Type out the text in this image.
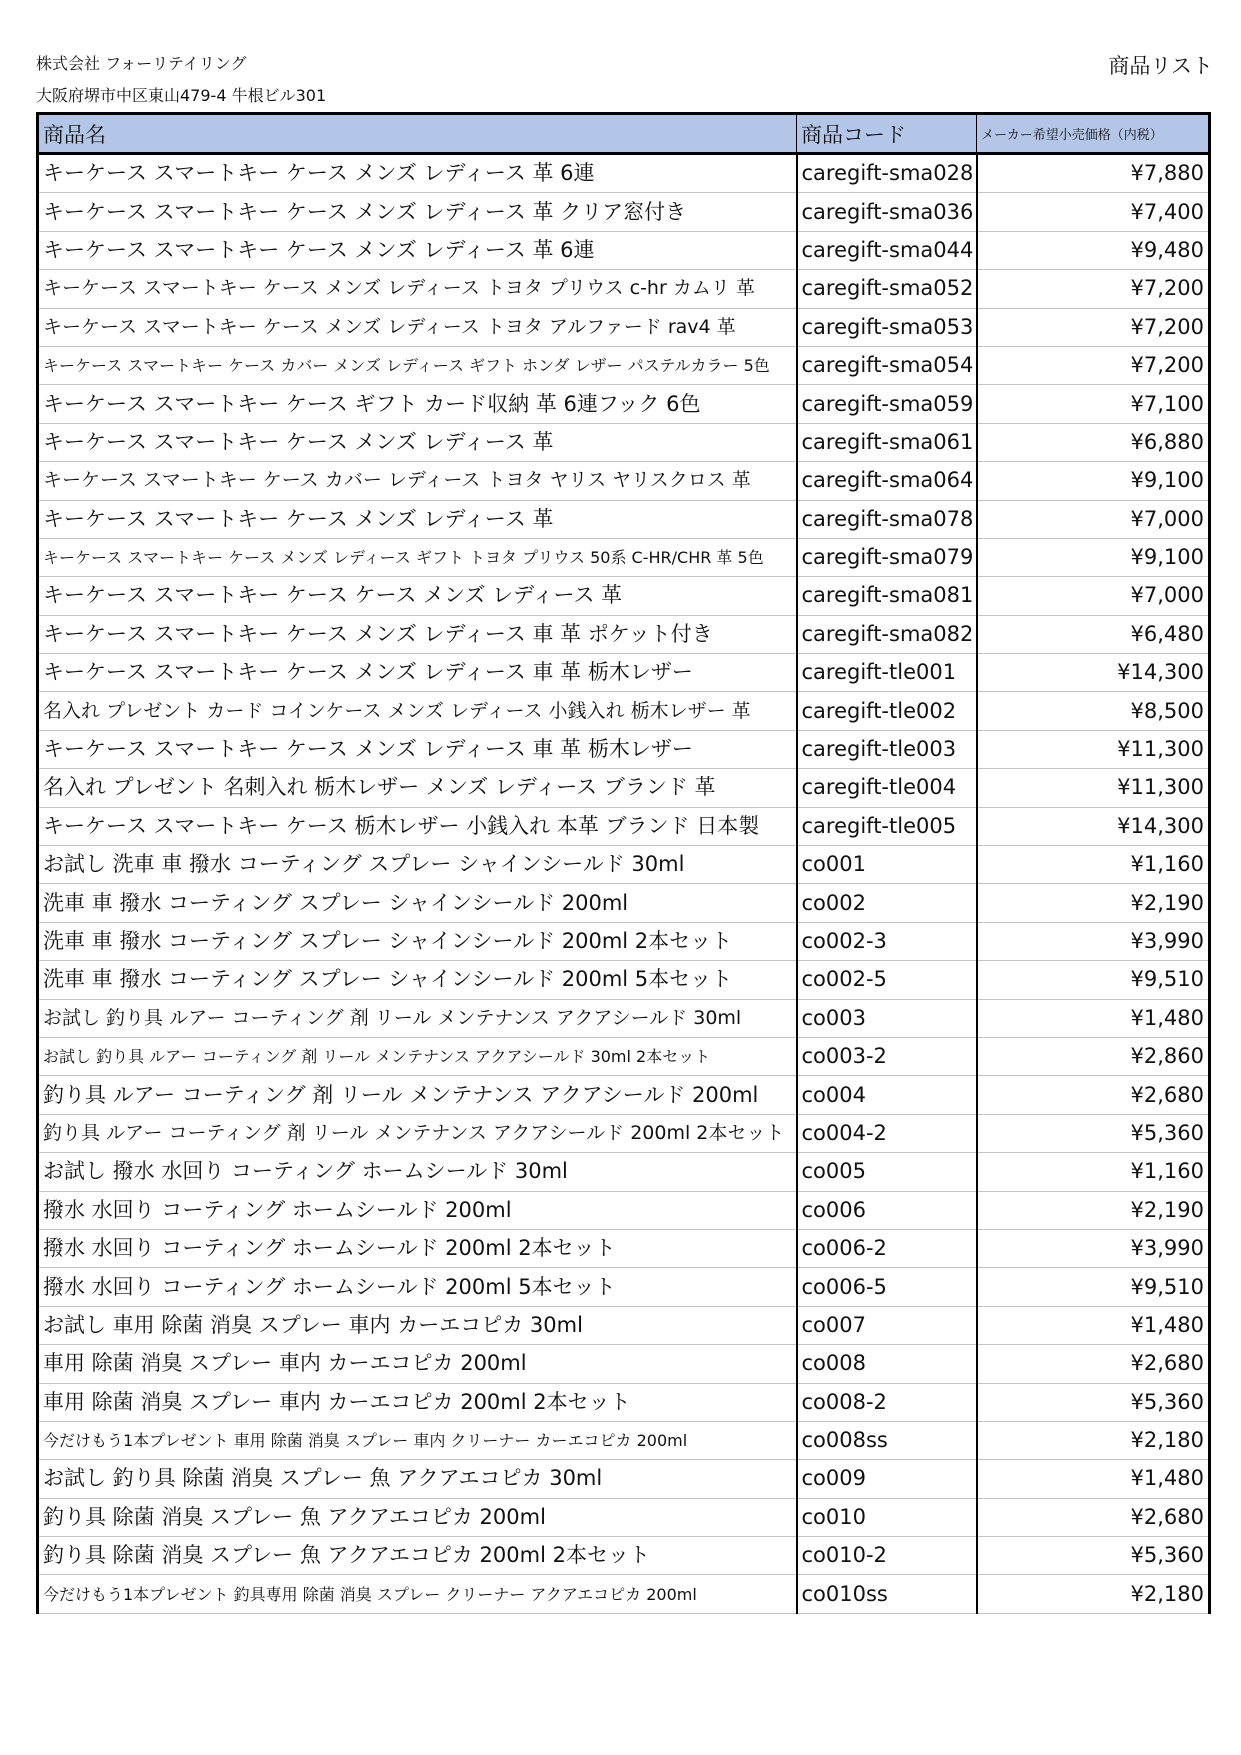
株式会社 フォーリテイリング
大阪府堺市中区東山479-4 牛根ビル301
商品リスト
商品名	商品コード	メーカー希望小売価格（内税）
キーケース スマートキー ケース メンズ レディース 革 6連	caregift-sma028	¥7,880
キーケース スマートキー ケース メンズ レディース 革 クリア窓付き	caregift-sma036	¥7,400
キーケース スマートキー ケース メンズ レディース 革 6連	caregift-sma044	¥9,480
キーケース スマートキー ケース メンズ レディース トヨタ プリウス c-hr カムリ 革	caregift-sma052	¥7,200
キーケース スマートキー ケース メンズ レディース トヨタ アルファード rav4 革	caregift-sma053	¥7,200
キーケース スマートキー ケース カバー メンズ レディース ギフト ホンダ レザー パステルカラー 5色	caregift-sma054	¥7,200
キーケース スマートキー ケース ギフト カード収納 革 6連フック 6色	caregift-sma059	¥7,100
キーケース スマートキー ケース メンズ レディース 革	caregift-sma061	¥6,880
キーケース スマートキー ケース カバー レディース トヨタ ヤリス ヤリスクロス 革	caregift-sma064	¥9,100
キーケース スマートキー ケース メンズ レディース 革	caregift-sma078	¥7,000
キーケース スマートキー ケース メンズ レディース ギフト トヨタ プリウス 50系 C-HR/CHR 革 5色	caregift-sma079	¥9,100
キーケース スマートキー ケース ケース メンズ レディース 革	caregift-sma081	¥7,000
キーケース スマートキー ケース メンズ レディース 車 革 ポケット付き	caregift-sma082	¥6,480
キーケース スマートキー ケース メンズ レディース 車 革 栃木レザー	caregift-tle001	¥14,300
名入れ プレゼント カード コインケース メンズ レディース 小銭入れ 栃木レザー 革	caregift-tle002	¥8,500
キーケース スマートキー ケース メンズ レディース 車 革 栃木レザー	caregift-tle003	¥11,300
名入れ プレゼント 名刺入れ 栃木レザー メンズ レディース ブランド 革	caregift-tle004	¥11,300
キーケース スマートキー ケース 栃木レザー 小銭入れ 本革 ブランド 日本製	caregift-tle005	¥14,300
お試し 洗車 車 撥水 コーティング スプレー シャインシールド 30ml	co001	¥1,160
洗車 車 撥水 コーティング スプレー シャインシールド 200ml	co002	¥2,190
洗車 車 撥水 コーティング スプレー シャインシールド 200ml 2本セット	co002-3	¥3,990
洗車 車 撥水 コーティング スプレー シャインシールド 200ml 5本セット	co002-5	¥9,510
お試し 釣り具 ルアー コーティング 剤 リール メンテナンス アクアシールド 30ml	co003	¥1,480
お試し 釣り具 ルアー コーティング 剤 リール メンテナンス アクアシールド 30ml 2本セット	co003-2	¥2,860
釣り具 ルアー コーティング 剤 リール メンテナンス アクアシールド 200ml	co004	¥2,680
釣り具 ルアー コーティング 剤 リール メンテナンス アクアシールド 200ml 2本セット	co004-2	¥5,360
お試し 撥水 水回り コーティング ホームシールド 30ml	co005	¥1,160
撥水 水回り コーティング ホームシールド 200ml	co006	¥2,190
撥水 水回り コーティング ホームシールド 200ml 2本セット	co006-2	¥3,990
撥水 水回り コーティング ホームシールド 200ml 5本セット	co006-5	¥9,510
お試し 車用 除菌 消臭 スプレー 車内 カーエコピカ 30ml	co007	¥1,480
車用 除菌 消臭 スプレー 車内 カーエコピカ 200ml	co008	¥2,680
車用 除菌 消臭 スプレー 車内 カーエコピカ 200ml 2本セット	co008-2	¥5,360
今だけもう1本プレゼント 車用 除菌 消臭 スプレー 車内 クリーナー カーエコピカ 200ml	co008ss	¥2,180
お試し 釣り具 除菌 消臭 スプレー 魚 アクアエコピカ 30ml	co009	¥1,480
釣り具 除菌 消臭 スプレー 魚 アクアエコピカ 200ml	co010	¥2,680
釣り具 除菌 消臭 スプレー 魚 アクアエコピカ 200ml 2本セット	co010-2	¥5,360
今だけもう1本プレゼント 釣具専用 除菌 消臭 スプレー クリーナー アクアエコピカ 200ml	co010ss	¥2,180
